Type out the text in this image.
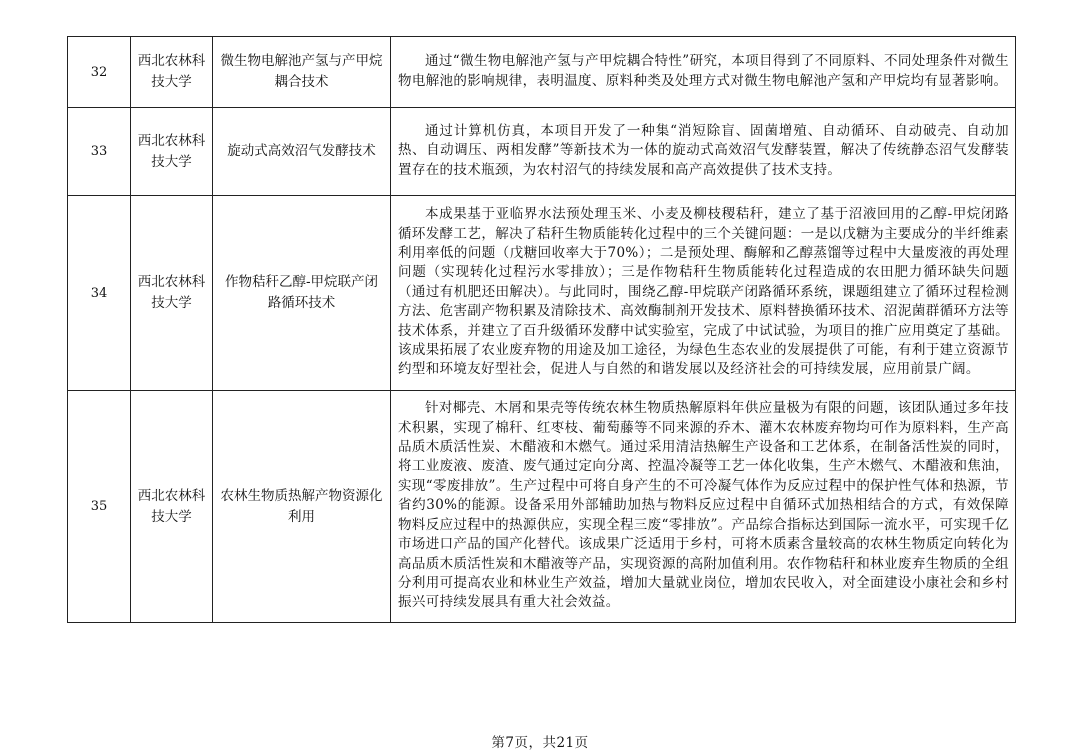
32	西北农林科技大学	微生物电解池产氢与产甲烷耦合技术	通过“微生物电解池产氢与产甲烷耦合特性”研究，本项目得到了不同原料、不同处理条件对微生物电解池的影响规律，表明温度、原料种类及处理方式对微生物电解池产氢和产甲烷均有显著影响。
33	西北农林科技大学	旋动式高效沼气发酵技术	通过计算机仿真，本项目开发了一种集“消短除盲、固菌增殖、自动循环、自动破壳、自动加热、自动调压、两相发酵”等新技术为一体的旋动式高效沼气发酵装置，解决了传统静态沼气发酵装置存在的技术瓶颈，为农村沼气的持续发展和高产高效提供了技术支持。
34	西北农林科技大学	作物秸秆乙醇-甲烷联产闭路循环技术	本成果基于亚临界水法预处理玉米、小麦及柳枝稷秸秆，建立了基于沼液回用的乙醇-甲烷闭路循环发酵工艺，解决了秸秆生物质能转化过程中的三个关键问题：一是以戊糖为主要成分的半纤维素利用率低的问题（戊糖回收率大于70%）；二是预处理、酶解和乙醇蒸馏等过程中大量废液的再处理问题（实现转化过程污水零排放）；三是作物秸秆生物质能转化过程造成的农田肥力循环缺失问题（通过有机肥还田解决）。与此同时，围绕乙醇-甲烷联产闭路循环系统，课题组建立了循环过程检测方法、危害副产物积累及清除技术、高效酶制剂开发技术、原料替换循环技术、沼泥菌群循环方法等技术体系，并建立了百升级循环发酵中试实验室，完成了中试试验，为项目的推广应用奠定了基础。该成果拓展了农业废弃物的用途及加工途径，为绿色生态农业的发展提供了可能，有利于建立资源节约型和环境友好型社会，促进人与自然的和谐发展以及经济社会的可持续发展，应用前景广阔。
35	西北农林科技大学	农林生物质热解产物资源化利用	针对椰壳、木屑和果壳等传统农林生物质热解原料年供应量极为有限的问题，该团队通过多年技术积累，实现了棉秆、红枣枝、葡萄藤等不同来源的乔木、灌木农林废弃物均可作为原料料，生产高品质木质活性炭、木醋液和木燃气。通过采用清洁热解生产设备和工艺体系，在制备活性炭的同时，将工业废液、废渣、废气通过定向分离、控温冷凝等工艺一体化收集，生产木燃气、木醋液和焦油，实现“零废排放”。生产过程中可将自身产生的不可冷凝气体作为反应过程中的保护性气体和热源，节省约30%的能源。设备采用外部辅助加热与物料反应过程中自循环式加热相结合的方式，有效保障物料反应过程中的热源供应，实现全程三废“零排放”。产品综合指标达到国际一流水平，可实现千亿市场进口产品的国产化替代。该成果广泛适用于乡村，可将木质素含量较高的农林生物质定向转化为高品质木质活性炭和木醋液等产品，实现资源的高附加值利用。农作物秸秆和林业废弃生物质的全组分利用可提高农业和林业生产效益，增加大量就业岗位，增加农民收入，对全面建设小康社会和乡村振兴可持续发展具有重大社会效益。
第7页，共21页
